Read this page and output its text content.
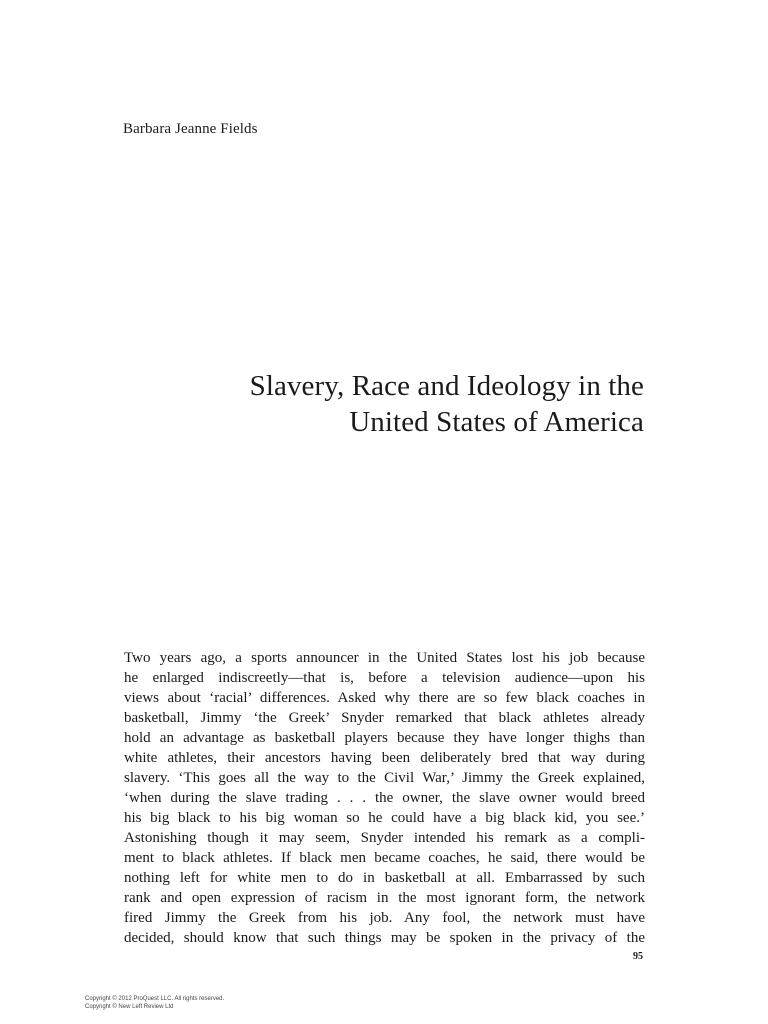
Barbara Jeanne Fields
Slavery, Race and Ideology in the
United States of America
Two years ago, a sports announcer in the United States lost his job because
he enlarged indiscreetly—that is, before a television audience—upon his
views about ‘racial’ differences. Asked why there are so few black coaches in
basketball, Jimmy ‘the Greek’ Snyder remarked that black athletes already
hold an advantage as basketball players because they have longer thighs than
white athletes, their ancestors having been deliberately bred that way during
slavery. ‘This goes all the way to the Civil War,’ Jimmy the Greek explained,
‘when during the slave trading . . . the owner, the slave owner would breed
his big black to his big woman so he could have a big black kid, you see.’
Astonishing though it may seem, Snyder intended his remark as a compli-
ment to black athletes. If black men became coaches, he said, there would be
nothing left for white men to do in basketball at all. Embarrassed by such
rank and open expression of racism in the most ignorant form, the network
fired Jimmy the Greek from his job. Any fool, the network must have
decided, should know that such things may be spoken in the privacy of the
95
Copyright © 2012 ProQuest LLC. All rights reserved.
Copyright © New Left Review Ltd
